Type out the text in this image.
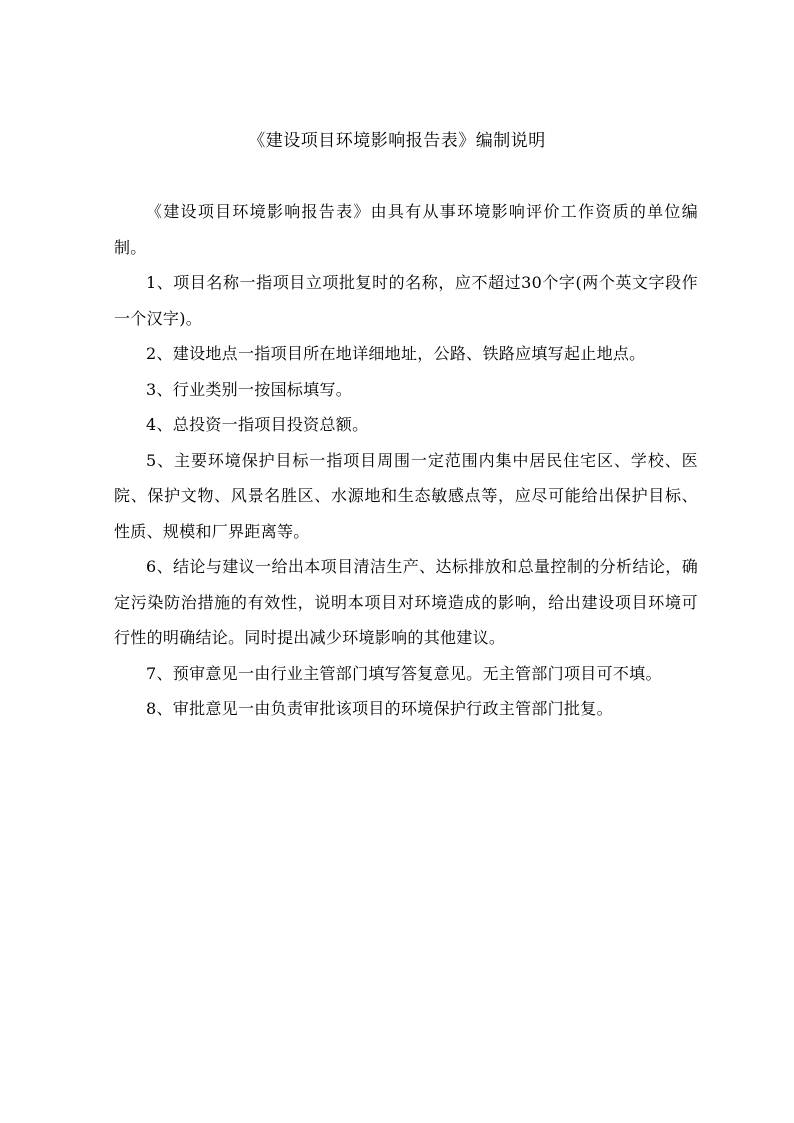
《建设项目环境影响报告表》编制说明

《建设项目环境影响报告表》由具有从事环境影响评价工作资质的单位编制。

1、项目名称一指项目立项批复时的名称，应不超过30个字(两个英文字段作一个汉字)。

2、建设地点一指项目所在地详细地址，公路、铁路应填写起止地点。

3、行业类别一按国标填写。

4、总投资一指项目投资总额。

5、主要环境保护目标一指项目周围一定范围内集中居民住宅区、学校、医院、保护文物、风景名胜区、水源地和生态敏感点等，应尽可能给出保护目标、性质、规模和厂界距离等。

6、结论与建议一给出本项目清洁生产、达标排放和总量控制的分析结论，确定污染防治措施的有效性，说明本项目对环境造成的影响，给出建设项目环境可行性的明确结论。同时提出减少环境影响的其他建议。

7、预审意见一由行业主管部门填写答复意见。无主管部门项目可不填。

8、审批意见一由负责审批该项目的环境保护行政主管部门批复。
